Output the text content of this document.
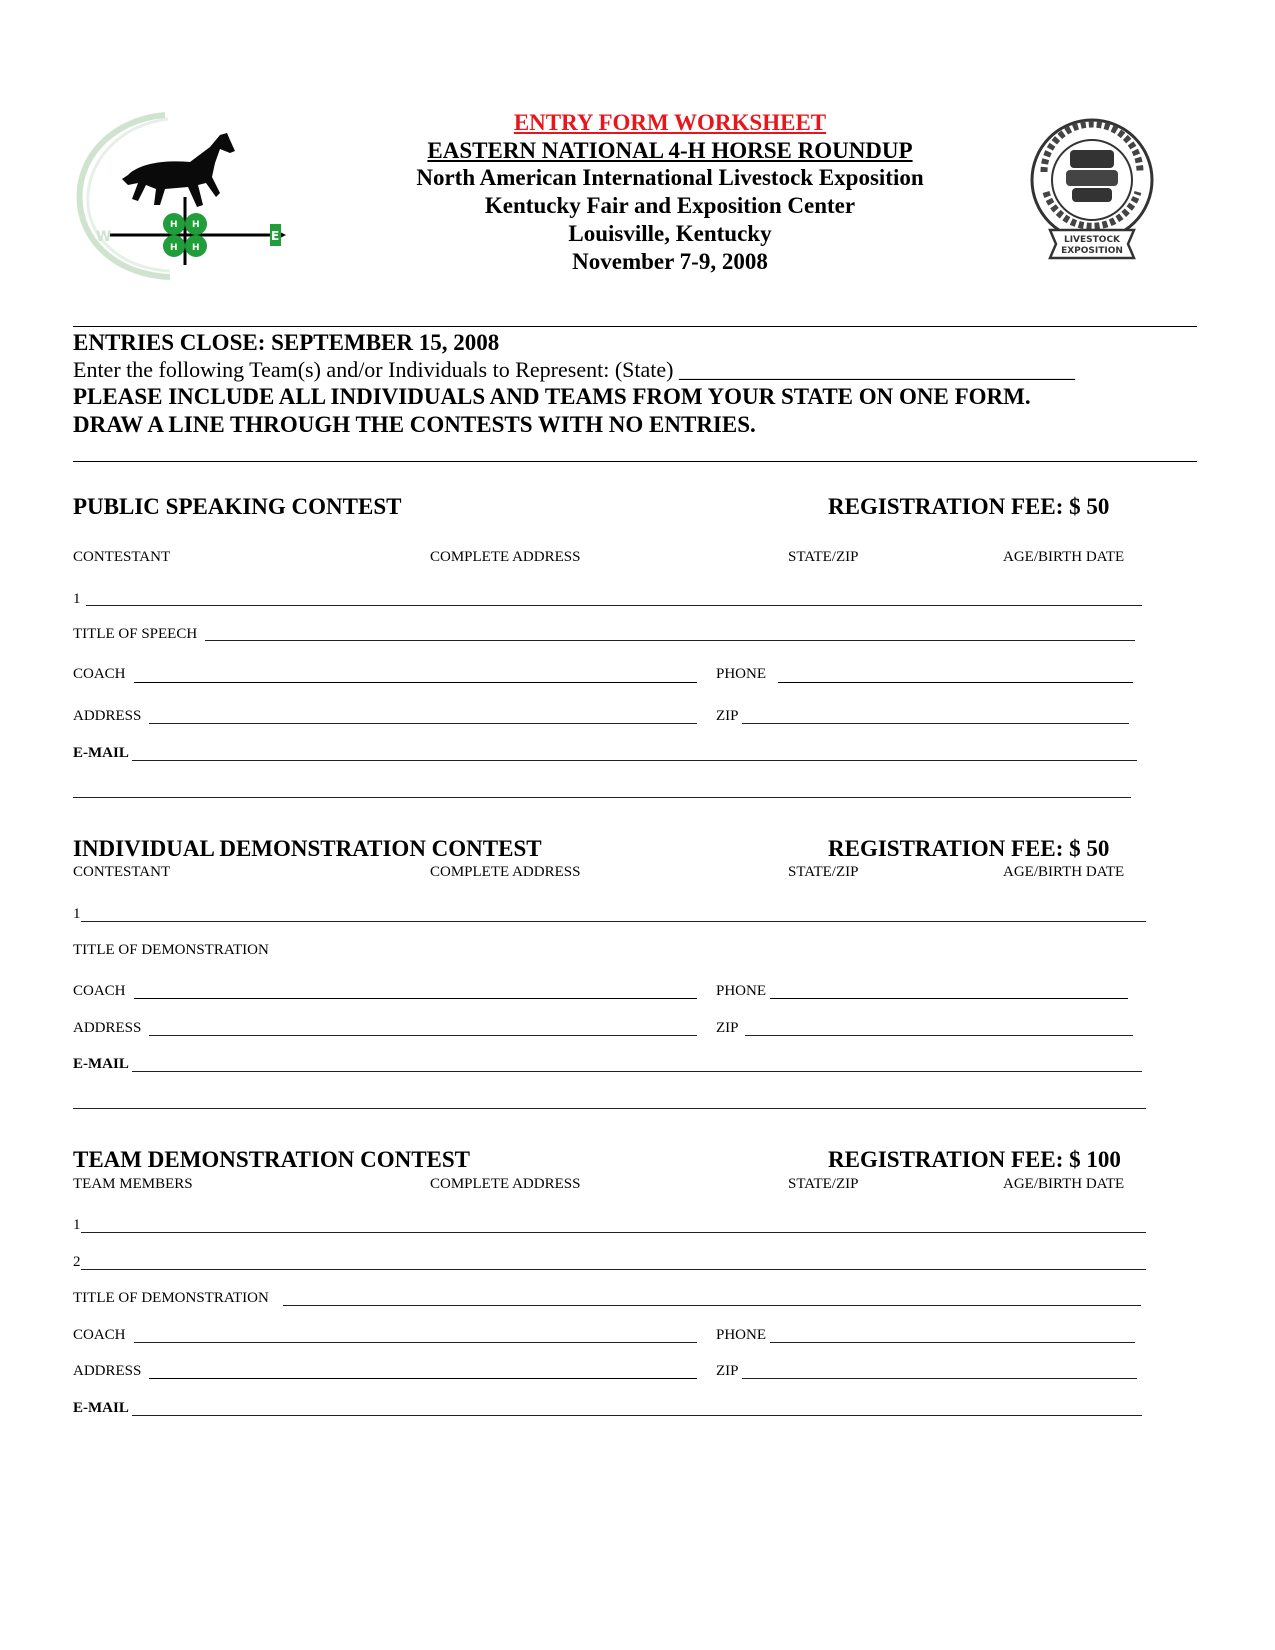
H H
H H
W	E	LIVESTOCK
EXPOSITION
ENTRY FORM WORKSHEET
EASTERN NATIONAL 4-H HORSE ROUNDUP
North American International Livestock Exposition
Kentucky Fair and Exposition Center
Louisville, Kentucky
November 7-9, 2008
ENTRIES CLOSE: SEPTEMBER 15, 2008
Enter the following Team(s) and/or Individuals to Represent: (State) ____________________________________
PLEASE INCLUDE ALL INDIVIDUALS AND TEAMS FROM YOUR STATE ON ONE FORM.
DRAW A LINE THROUGH THE CONTESTS WITH NO ENTRIES.
PUBLIC SPEAKING CONTEST	REGISTRATION FEE: $ 50
CONTESTANT	COMPLETE ADDRESS	STATE/ZIP	AGE/BIRTH DATE
1
TITLE OF SPEECH
COACH	PHONE
ADDRESS	ZIP
E-MAIL
INDIVIDUAL DEMONSTRATION CONTEST	REGISTRATION FEE: $ 50
CONTESTANT	COMPLETE ADDRESS	STATE/ZIP	AGE/BIRTH DATE
1
TITLE OF DEMONSTRATION
COACH	PHONE
ADDRESS	ZIP
E-MAIL
TEAM DEMONSTRATION CONTEST	REGISTRATION FEE: $ 100
TEAM MEMBERS	COMPLETE ADDRESS	STATE/ZIP	AGE/BIRTH DATE
1
2
TITLE OF DEMONSTRATION
COACH	PHONE
ADDRESS	ZIP
E-MAIL
